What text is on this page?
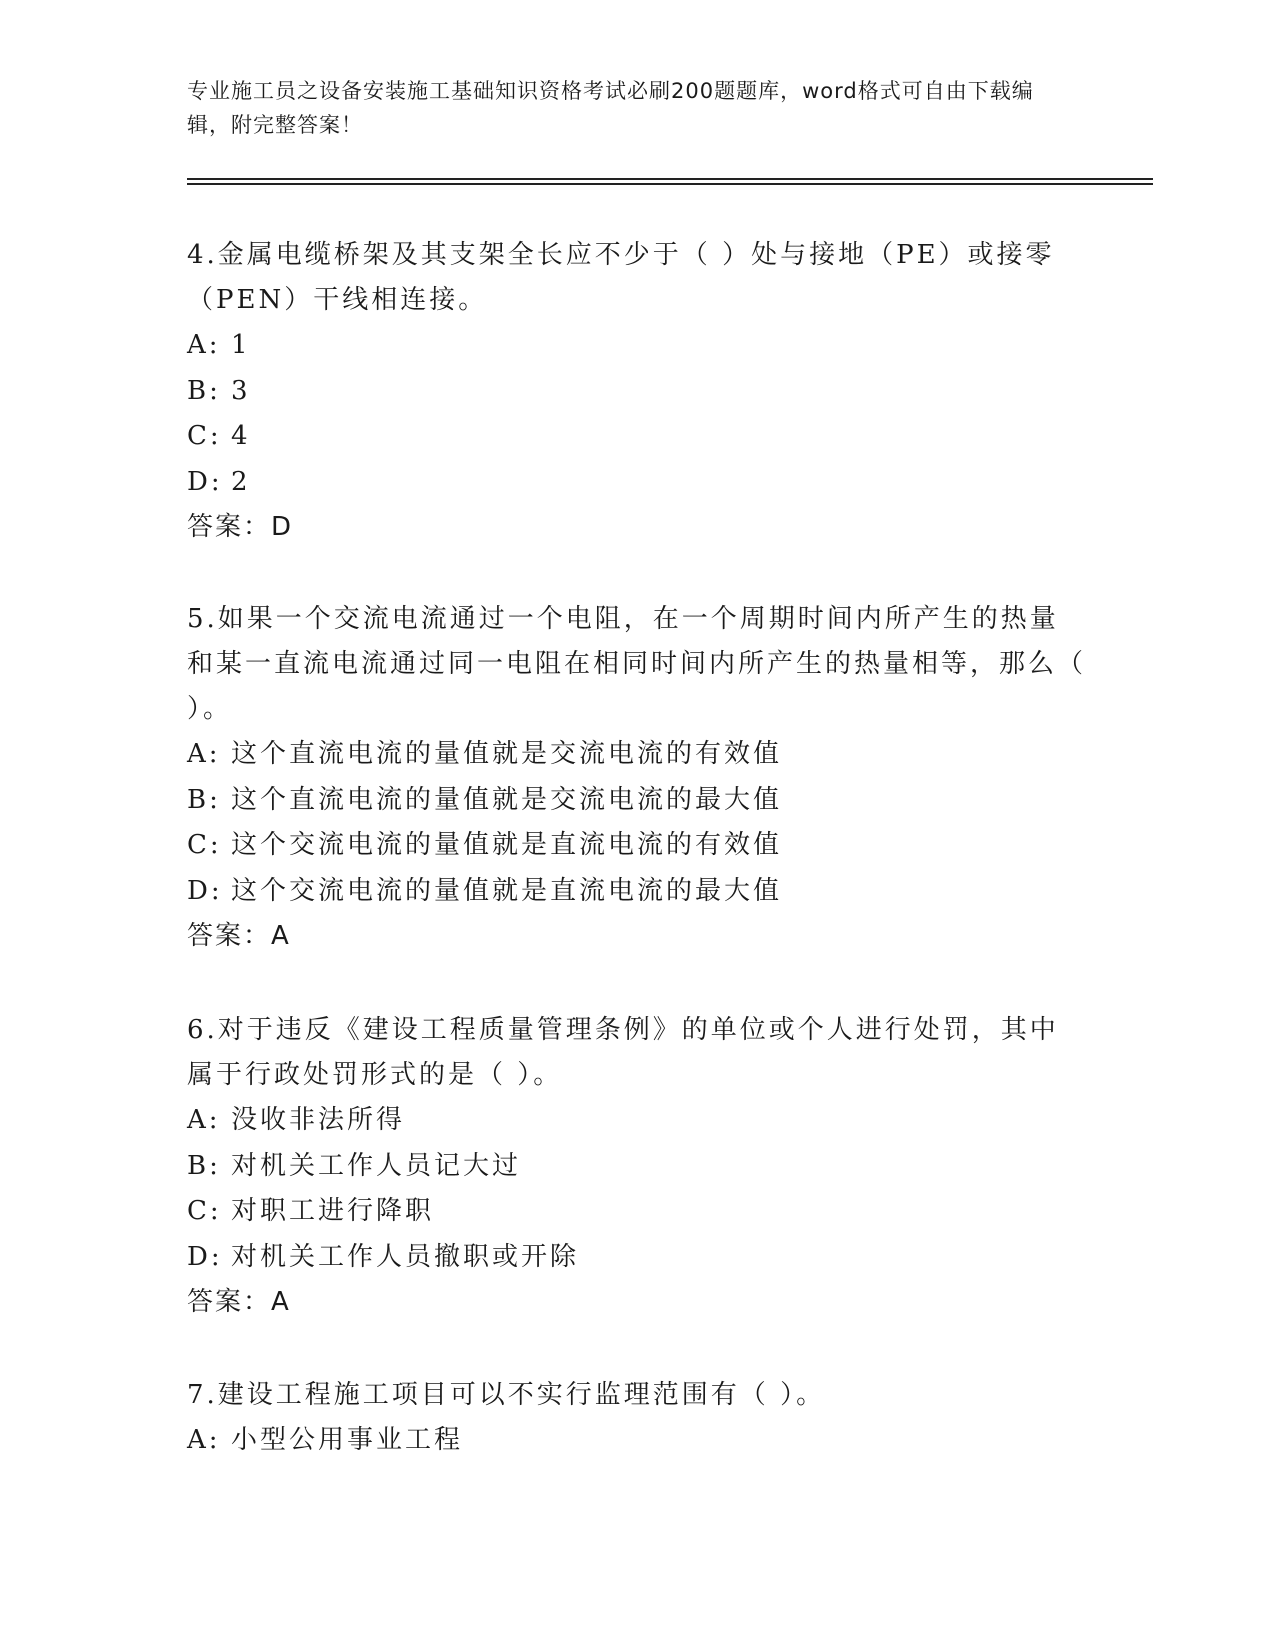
专业施工员之设备安装施工基础知识资格考试必刷200题题库，word格式可自由下载编辑，附完整答案！
4.金属电缆桥架及其支架全长应不少于（ ）处与接地（PE）或接零（PEN）干线相连接。
A: 1
B: 3
C: 4
D: 2
答案：D
5.如果一个交流电流通过一个电阻，在一个周期时间内所产生的热量和某一直流电流通过同一电阻在相同时间内所产生的热量相等，那么（ ）。
A: 这个直流电流的量值就是交流电流的有效值
B: 这个直流电流的量值就是交流电流的最大值
C: 这个交流电流的量值就是直流电流的有效值
D: 这个交流电流的量值就是直流电流的最大值
答案：A
6.对于违反《建设工程质量管理条例》的单位或个人进行处罚，其中属于行政处罚形式的是（ ）。
A: 没收非法所得
B: 对机关工作人员记大过
C: 对职工进行降职
D: 对机关工作人员撤职或开除
答案：A
7.建设工程施工项目可以不实行监理范围有（ ）。
A: 小型公用事业工程
